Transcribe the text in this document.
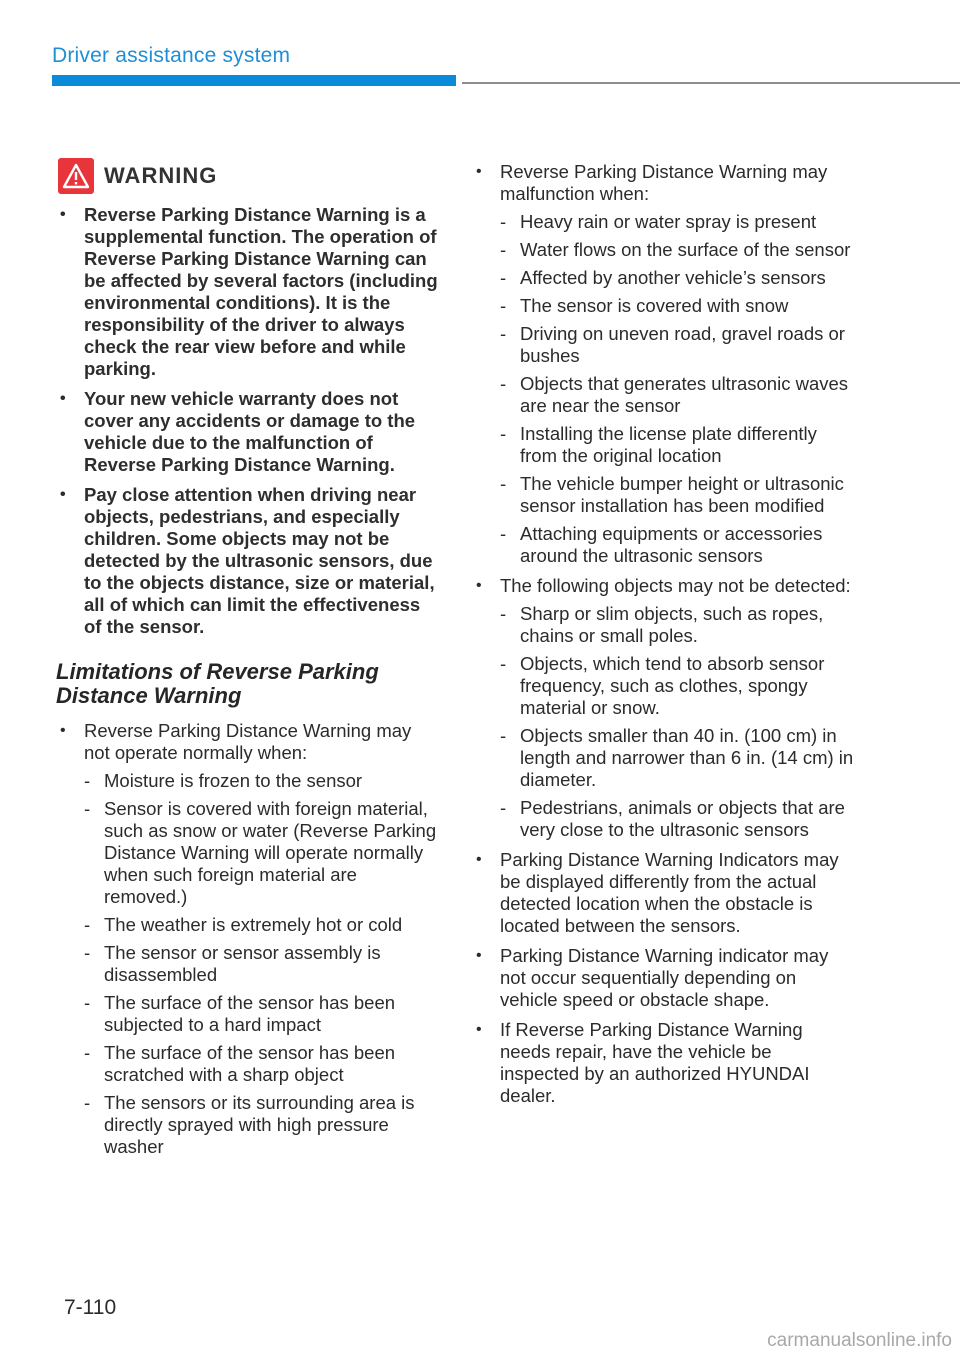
Driver assistance system
WARNING
• Reverse Parking Distance Warning is a supplemental function. The operation of Reverse Parking Distance Warning can be affected by several factors (including environmental conditions). It is the responsibility of the driver to always check the rear view before and while parking.
• Your new vehicle warranty does not cover any accidents or damage to the vehicle due to the malfunction of Reverse Parking Distance Warning.
• Pay close attention when driving near objects, pedestrians, and especially children. Some objects may not be detected by the ultrasonic sensors, due to the objects distance, size or material, all of which can limit the effectiveness of the sensor.
Limitations of Reverse Parking Distance Warning
• Reverse Parking Distance Warning may not operate normally when:
- Moisture is frozen to the sensor
- Sensor is covered with foreign material, such as snow or water (Reverse Parking Distance Warning will operate normally when such foreign material are removed.)
- The weather is extremely hot or cold
- The sensor or sensor assembly is disassembled
- The surface of the sensor has been subjected to a hard impact
- The surface of the sensor has been scratched with a sharp object
- The sensors or its surrounding area is directly sprayed with high pressure washer
• Reverse Parking Distance Warning may malfunction when:
- Heavy rain or water spray is present
- Water flows on the surface of the sensor
- Affected by another vehicle’s sensors
- The sensor is covered with snow
- Driving on uneven road, gravel roads or bushes
- Objects that generates ultrasonic waves are near the sensor
- Installing the license plate differently from the original location
- The vehicle bumper height or ultrasonic sensor installation has been modified
- Attaching equipments or accessories around the ultrasonic sensors
• The following objects may not be detected:
- Sharp or slim objects, such as ropes, chains or small poles.
- Objects, which tend to absorb sensor frequency, such as clothes, spongy material or snow.
- Objects smaller than 40 in. (100 cm) in length and narrower than 6 in. (14 cm) in diameter.
- Pedestrians, animals or objects that are very close to the ultrasonic sensors
• Parking Distance Warning Indicators may be displayed differently from the actual detected location when the obstacle is located between the sensors.
• Parking Distance Warning indicator may not occur sequentially depending on vehicle speed or obstacle shape.
• If Reverse Parking Distance Warning needs repair, have the vehicle be inspected by an authorized HYUNDAI dealer.
7-110
carmanualsonline.info
